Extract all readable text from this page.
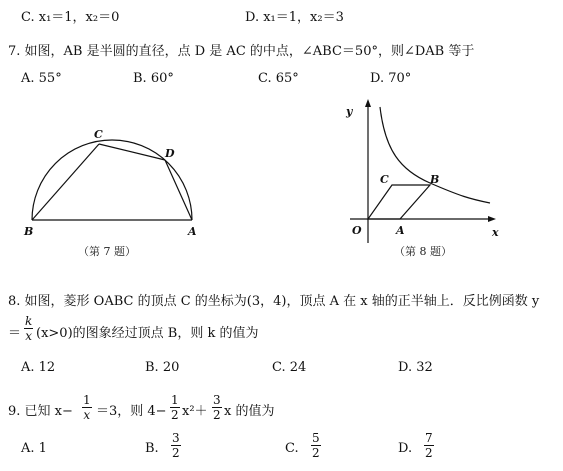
C. x₁＝1，x₂＝0	D. x₁＝1，x₂＝3
7. 如图，AB 是半圆的直径，点 D 是 AC 的中点，∠ABC＝50°，则∠DAB 等于
A. 55°	B. 60°	C. 65°	D. 70°
C
D
B	A
（第 7 题）
y
x
O
C	B
A
（第 8 题）
8. 如图，菱形 OABC 的顶点 C 的坐标为(3，4)，顶点 A 在 x 轴的正半轴上．反比例函数 y
＝ $\frac{k}{x} (x>0)$的图象经过顶点 B，则 k 的值为
A. 12	B. 20	C. 24	D. 32
9. 已知 $x- \frac{1}{x} =3$，则 $4- \frac{1}{2} x^2+ \frac{3}{2}$ x 的值为
A. 1	B. $\frac{3}{2}$	C. $\frac{5}{2}$	D. $\frac{7}{2}$
